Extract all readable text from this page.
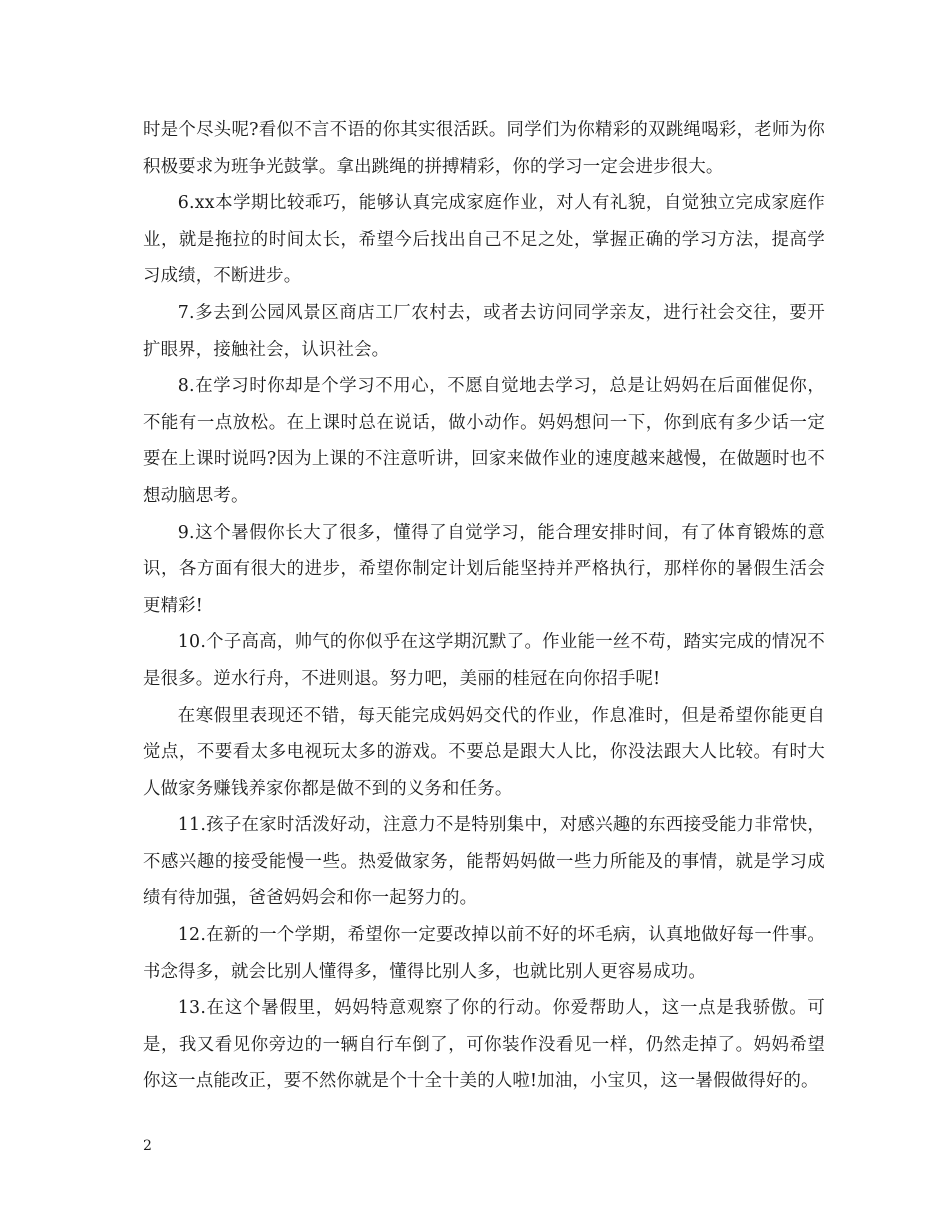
时是个尽头呢?看似不言不语的你其实很活跃。同学们为你精彩的双跳绳喝彩，老师为你积极要求为班争光鼓掌。拿出跳绳的拼搏精彩，你的学习一定会进步很大。

6.xx本学期比较乖巧，能够认真完成家庭作业，对人有礼貌，自觉独立完成家庭作业，就是拖拉的时间太长，希望今后找出自己不足之处，掌握正确的学习方法，提高学习成绩，不断进步。

7.多去到公园风景区商店工厂农村去，或者去访问同学亲友，进行社会交往，要开扩眼界，接触社会，认识社会。

8.在学习时你却是个学习不用心，不愿自觉地去学习，总是让妈妈在后面催促你，不能有一点放松。在上课时总在说话，做小动作。妈妈想问一下，你到底有多少话一定要在上课时说吗?因为上课的不注意听讲，回家来做作业的速度越来越慢，在做题时也不想动脑思考。

9.这个暑假你长大了很多，懂得了自觉学习，能合理安排时间，有了体育锻炼的意识，各方面有很大的进步，希望你制定计划后能坚持并严格执行，那样你的暑假生活会更精彩!

10.个子高高，帅气的你似乎在这学期沉默了。作业能一丝不苟，踏实完成的情况不是很多。逆水行舟，不进则退。努力吧，美丽的桂冠在向你招手呢!

在寒假里表现还不错，每天能完成妈妈交代的作业，作息准时，但是希望你能更自觉点，不要看太多电视玩太多的游戏。不要总是跟大人比，你没法跟大人比较。有时大人做家务赚钱养家你都是做不到的义务和任务。

11.孩子在家时活泼好动，注意力不是特别集中，对感兴趣的东西接受能力非常快，不感兴趣的接受能慢一些。热爱做家务，能帮妈妈做一些力所能及的事情，就是学习成绩有待加强，爸爸妈妈会和你一起努力的。

12.在新的一个学期，希望你一定要改掉以前不好的坏毛病，认真地做好每一件事。书念得多，就会比别人懂得多，懂得比别人多，也就比别人更容易成功。

13.在这个暑假里，妈妈特意观察了你的行动。你爱帮助人，这一点是我骄傲。可是，我又看见你旁边的一辆自行车倒了，可你装作没看见一样，仍然走掉了。妈妈希望你这一点能改正，要不然你就是个十全十美的人啦!加油，小宝贝，这一暑假做得好的。

2
